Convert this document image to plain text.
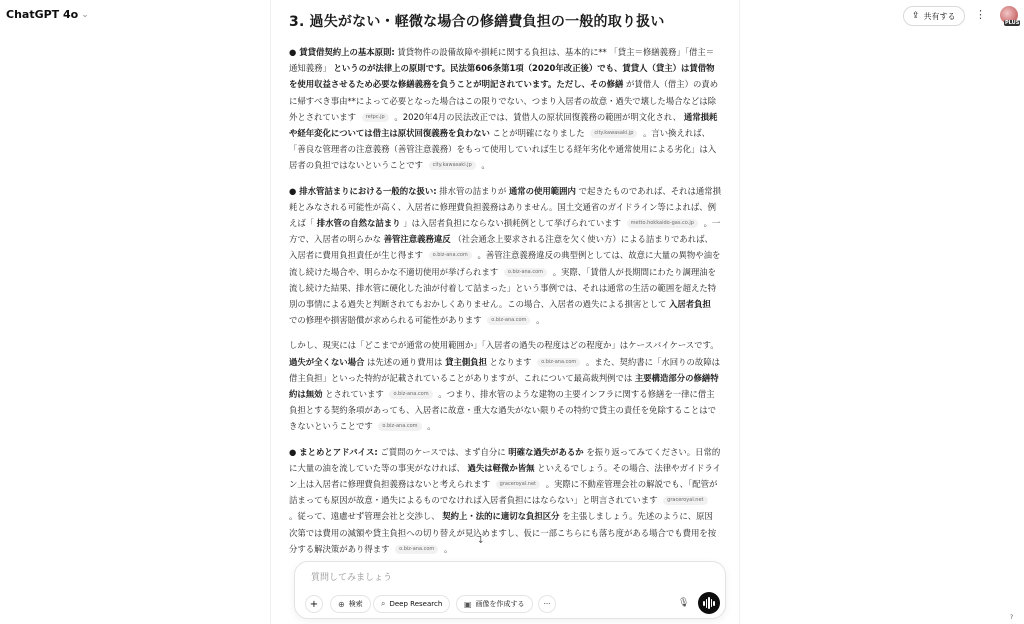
ChatGPT 4o ⌄	⇪ 共有する ⋮
PLUS
3. 過失がない・軽微な場合の修繕費負担の一般的取り扱い

● 賃貸借契約上の基本原則: 賃貸物件の設備故障や損耗に関する負担は、基本的に** 「貸主＝修繕義務」「借主＝通知義務」 というのが法律上の原則です。民法第606条第1項（2020年改正後）でも、賃貸人（貸主）は賃借物を使用収益させるため必要な修繕義務を負うことが明記されています。ただし、その修繕 が賃借人（借主）の責めに帰すべき事由**によって必要となった場合はこの限りでない、つまり入居者の故意・過失で壊した場合などは除外とされています retpc.jp 。2020年4月の民法改正では、賃借人の原状回復義務の範囲が明文化され、 通常損耗や経年変化については借主は原状回復義務を負わない ことが明確になりました city.kawasaki.jp 。言い換えれば、「善良な管理者の注意義務（善管注意義務）をもって使用していれば生じる経年劣化や通常使用による劣化」は入居者の負担ではないということです city.kawasaki.jp 。

● 排水管詰まりにおける一般的な扱い: 排水管の詰まりが 通常の使用範囲内 で起きたものであれば、それは通常損耗とみなされる可能性が高く、入居者に修理費負担義務はありません。国土交通省のガイドライン等によれば、例えば「 排水管の自然な詰まり 」は入居者負担にならない損耗例として挙げられています metto.hokkaido-gas.co.jp 。一方で、入居者の明らかな 善管注意義務違反 （社会通念上要求される注意を欠く使い方）による詰まりであれば、入居者に費用負担責任が生じ得ます o.biz-ana.com 。善管注意義務違反の典型例としては、故意に大量の異物や油を流し続けた場合や、明らかな不適切使用が挙げられます o.biz-ana.com 。実際、「賃借人が長期間にわたり調理油を流し続けた結果、排水管に硬化した油が付着して詰まった」という事例では、それは通常の生活の範囲を超えた特別の事情による過失と判断されてもおかしくありません。この場合、入居者の過失による損害として 入居者負担 での修理や損害賠償が求められる可能性があります o.biz-ana.com 。

しかし、現実には「どこまでが通常の使用範囲か」「入居者の過失の程度はどの程度か」はケースバイケースです。 過失が全くない場合 は先述の通り費用は 貸主側負担 となります o.biz-ana.com 。また、契約書に「水回りの故障は借主負担」といった特約が記載されていることがありますが、これについて最高裁判例では 主要構造部分の修繕特約は無効 とされています o.biz-ana.com 。つまり、排水管のような建物の主要インフラに関する修繕を一律に借主負担とする契約条項があっても、入居者に故意・重大な過失がない限りその特約で貸主の責任を免除することはできないということです o.biz-ana.com 。

● まとめとアドバイス: ご質問のケースでは、まず自分に 明確な過失があるか を振り返ってみてください。日常的に大量の油を流していた等の事実がなければ、 過失は軽微か皆無 といえるでしょう。その場合、法律やガイドライン上は入居者に修理費負担義務はないと考えられます graceroyal.net 。実際に不動産管理会社の解説でも、「配管が詰まっても原因が故意・過失によるものでなければ入居者負担にはならない」と明言されています graceroyal.net 。従って、遠慮せず管理会社と交渉し、 契約上・法的に適切な負担区分 を主張しましょう。先述のように、原因次第では費用の減額や貸主負担への切り替えが見込めますし、仮に一部こちらにも落ち度がある場合でも費用を按分する解決策があり得ます o.biz-ana.com 。

↓
質問してみましょう
+	⊕ 検索 ⌕ Deep Research	▣ 画像を作成する	···	🎙
?
